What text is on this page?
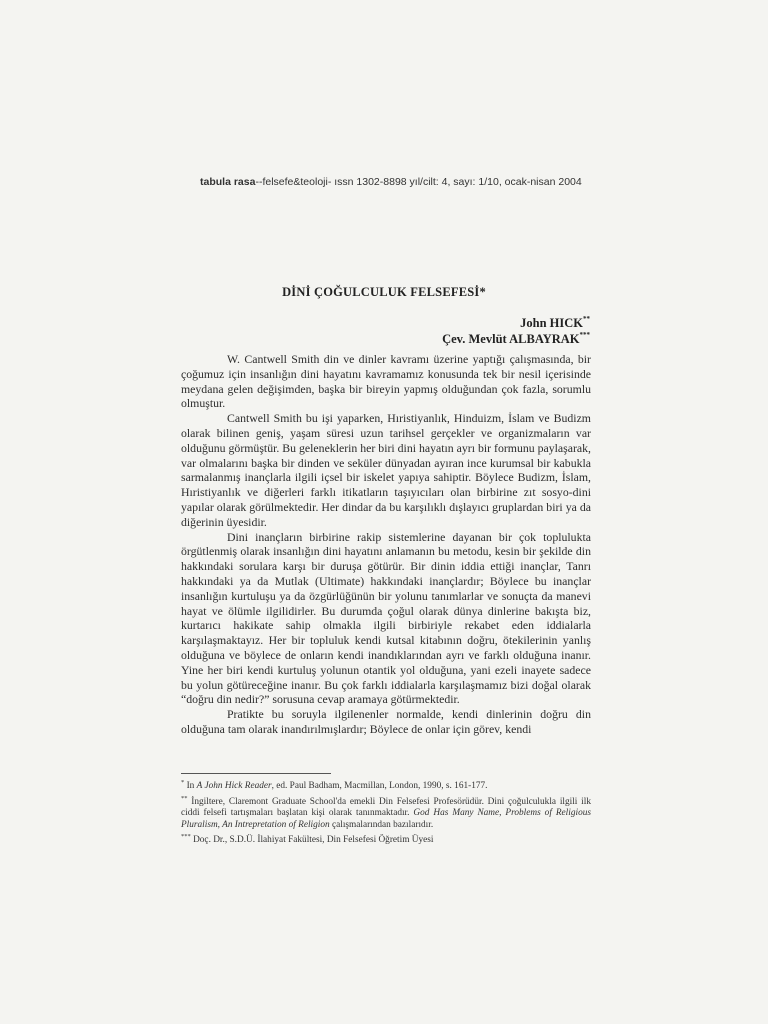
tabula rasa--felsefe&teoloji- ıssn 1302-8898 yıl/cilt: 4, sayı: 1/10, ocak-nisan 2004
DİNİ ÇOĞULCULUK FELSEFESİ*
John HICK**
Çev. Mevlüt ALBAYRAK***

W. Cantwell Smith din ve dinler kavramı üzerine yaptığı çalışmasında, bir çoğumuz için insanlığın dini hayatını kavramamız konusunda tek bir nesil içerisinde meydana gelen değişimden, başka bir bireyin yapmış olduğundan çok fazla, sorumlu olmuştur.

Cantwell Smith bu işi yaparken, Hıristiyanlık, Hinduizm, İslam ve Budizm olarak bilinen geniş, yaşam süresi uzun tarihsel gerçekler ve organizmaların var olduğunu görmüştür. Bu geleneklerin her biri dini hayatın ayrı bir formunu paylaşarak, var olmalarını başka bir dinden ve seküler dünyadan ayıran ince kurumsal bir kabukla sarmalanmış inançlarla ilgili içsel bir iskelet yapıya sahiptir. Böylece Budizm, İslam, Hıristiyanlık ve diğerleri farklı itikatların taşıyıcıları olan birbirine zıt sosyo-dini yapılar olarak görülmektedir. Her dindar da bu karşılıklı dışlayıcı gruplardan biri ya da diğerinin üyesidir.

Dini inançların birbirine rakip sistemlerine dayanan bir çok toplulukta örgütlenmiş olarak insanlığın dini hayatını anlamanın bu metodu, kesin bir şekilde din hakkındaki sorulara karşı bir duruşa götürür. Bir dinin iddia ettiği inançlar, Tanrı hakkındaki ya da Mutlak (Ultimate) hakkındaki inançlardır; Böylece bu inançlar insanlığın kurtuluşu ya da özgürlüğünün bir yolunu tanımlarlar ve sonuçta da manevi hayat ve ölümle ilgilidirler. Bu durumda çoğul olarak dünya dinlerine bakışta biz, kurtarıcı hakikate sahip olmakla ilgili birbiriyle rekabet eden iddialarla karşılaşmaktayız. Her bir topluluk kendi kutsal kitabının doğru, ötekilerinin yanlış olduğuna ve böylece de onların kendi inandıklarından ayrı ve farklı olduğuna inanır. Yine her biri kendi kurtuluş yolunun otantik yol olduğuna, yani ezeli inayete sadece bu yolun götüreceğine inanır. Bu çok farklı iddialarla karşılaşmamız bizi doğal olarak “doğru din nedir?” sorusuna cevap aramaya götürmektedir.

Pratikte bu soruyla ilgilenenler normalde, kendi dinlerinin doğru din olduğuna tam olarak inandırılmışlardır; Böylece de onlar için görev, kendi

* In A John Hick Reader, ed. Paul Badham, Macmillan, London, 1990, s. 161-177.

** İngiltere, Claremont Graduate School'da emekli Din Felsefesi Profesörüdür. Dini çoğulculukla ilgili ilk ciddi felsefi tartışmaları başlatan kişi olarak tanınmaktadır. God Has Many Name, Problems of Religious Pluralism, An Intrepretation of Religion çalışmalarından bazılarıdır.

*** Doç. Dr., S.D.Ü. İlahiyat Fakültesi, Din Felsefesi Öğretim Üyesi
